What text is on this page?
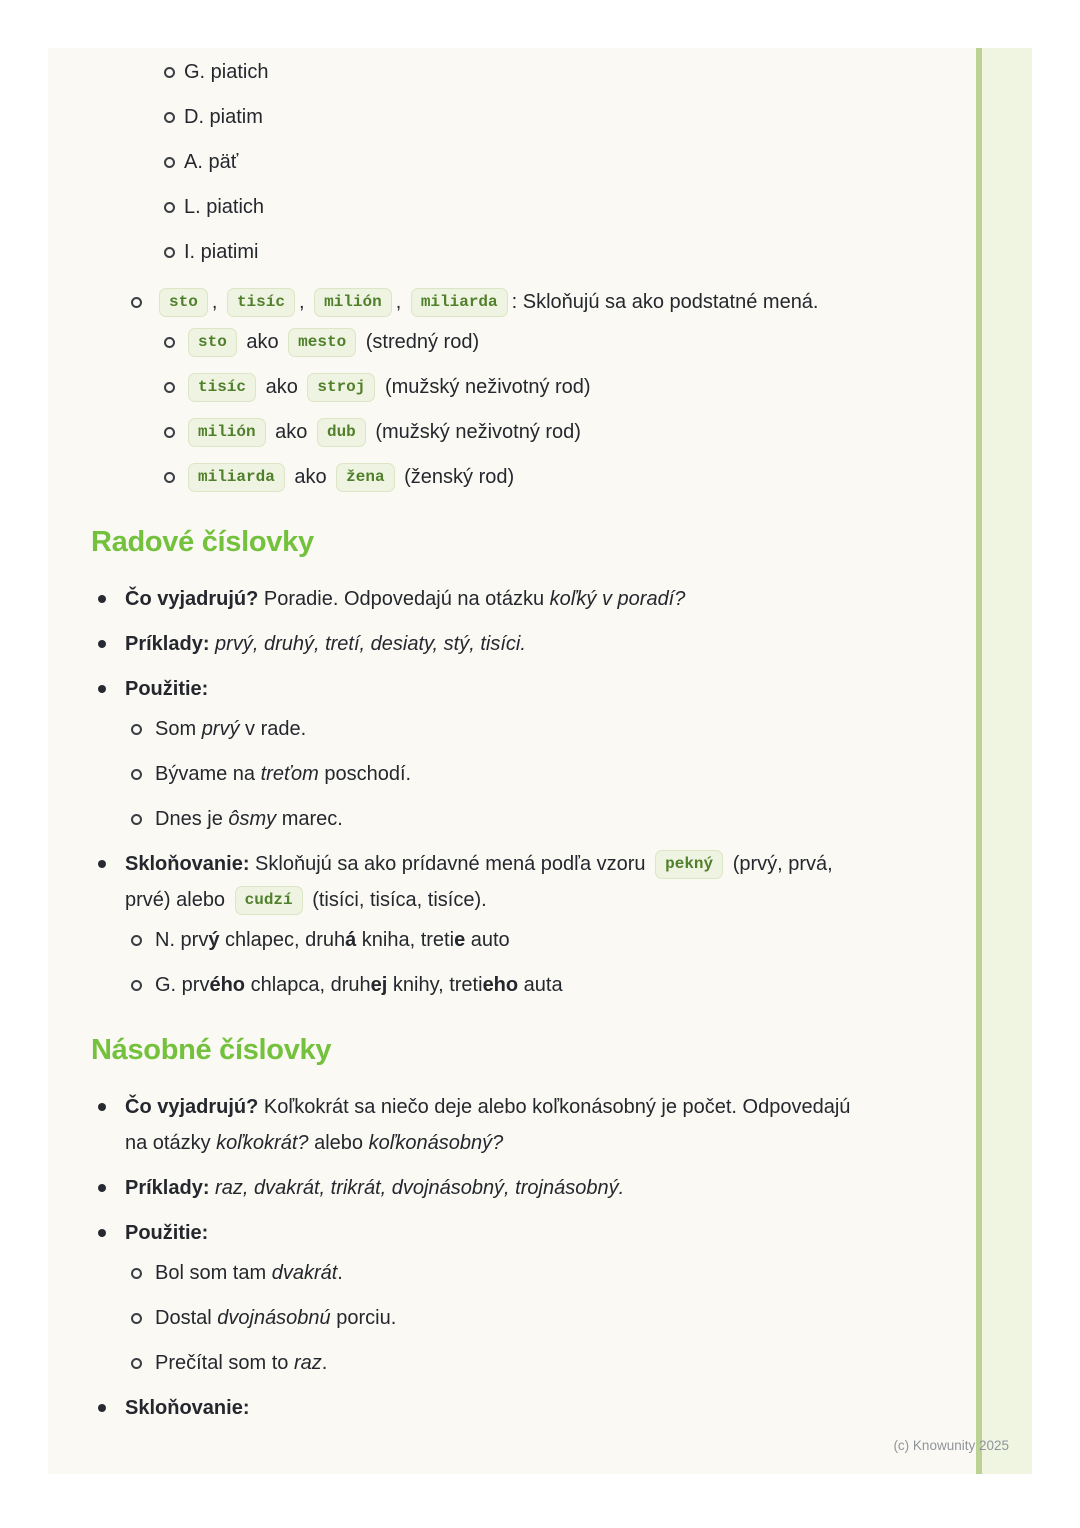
G. piatich
D. piatim
A. päť
L. piatich
I. piatimi
sto , tisíc , milión , miliarda : Skloňujú sa ako podstatné mená.
sto ako mesto (stredný rod)
tisíc ako stroj (mužský neživotný rod)
milión ako dub (mužský neživotný rod)
miliarda ako žena (ženský rod)
Radové číslovky
Čo vyjadrujú? Poradie. Odpovedajú na otázku koľký v poradí?
Príklady: prvý, druhý, tretí, desiaty, stý, tisíci.
Použitie:
Som prvý v rade.
Bývame na treťom poschodí.
Dnes je ôsmy marec.
Skloňovanie: Skloňujú sa ako prídavné mená podľa vzoru pekný (prvý, prvá, prvé) alebo cudzí (tisíci, tisíca, tisíce).
N. prvý chlapec, druhá kniha, tretie auto
G. prvého chlapca, druhej knihy, tretieho auta
Násobné číslovky
Čo vyjadrujú? Koľkokrát sa niečo deje alebo koľkonásobný je počet. Odpovedajú na otázky koľkokrát? alebo koľkonásobný?
Príklady: raz, dvakrát, trikrát, dvojnásobný, trojnásobný.
Použitie:
Bol som tam dvakrát.
Dostal dvojnásobnú porciu.
Prečítal som to raz.
Skloňovanie:
(c) Knowunity 2025
